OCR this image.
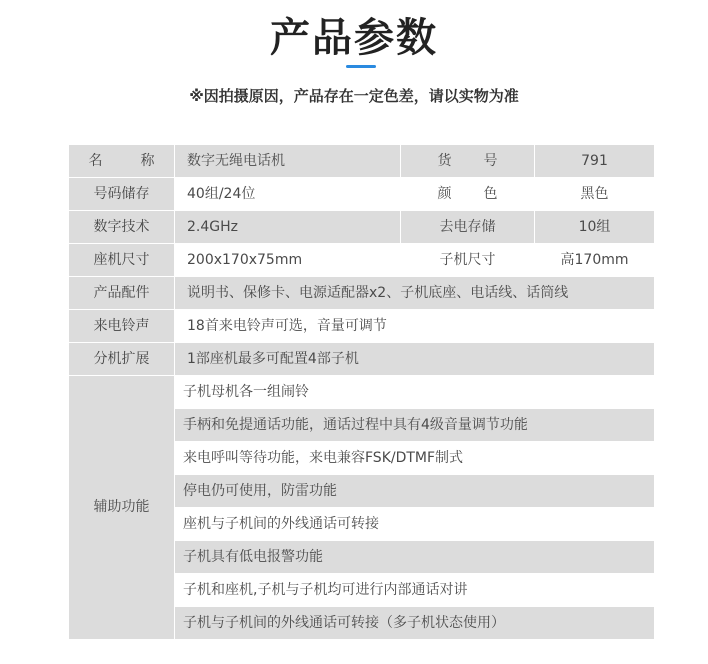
产品参数
※因拍摄原因，产品存在一定色差，请以实物为准
名 称	数字无绳电话机	货 号	791
号码储存	40组/24位	颜 色	黑色
数字技术	2.4GHz	去电存储	10组
座机尺寸	200x170x75mm	子机尺寸	高170mm
产品配件	说明书、保修卡、电源适配器x2、子机底座、电话线、话筒线		
来电铃声	18首来电铃声可选，音量可调节		
分机扩展	1部座机最多可配置4部子机		
辅助功能	子机母机各一组闹铃		
	手柄和免提通话功能，通话过程中具有4级音量调节功能		
	来电呼叫等待功能，来电兼容FSK/DTMF制式		
	停电仍可使用，防雷功能		
	座机与子机间的外线通话可转接		
	子机具有低电报警功能		
	子机和座机,子机与子机均可进行内部通话对讲		
	子机与子机间的外线通话可转接（多子机状态使用）		
